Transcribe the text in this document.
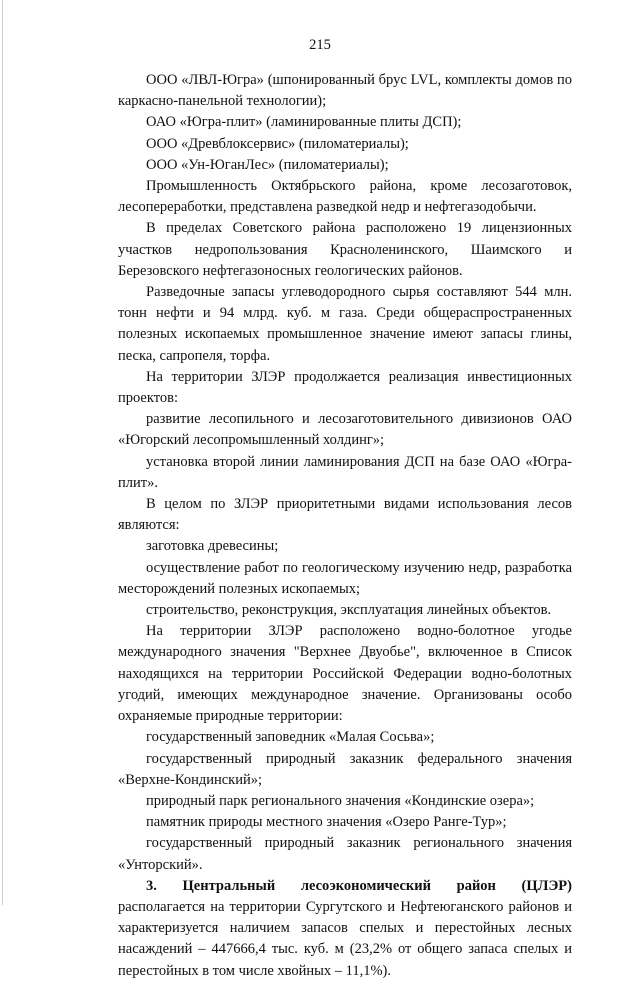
215

ООО «ЛВЛ-Югра» (шпонированный брус LVL, комплекты домов по каркасно-панельной технологии);

ОАО «Югра-плит» (ламинированные плиты ДСП);

ООО «Древблоксервис» (пиломатериалы);

ООО «Ун-ЮганЛес» (пиломатериалы);

Промышленность Октябрьского района, кроме лесозаготовок, лесопереработки, представлена разведкой недр и нефтегазодобычи.

В пределах Советского района расположено 19 лицензионных участков недропользования Красноленинского, Шаимского и Березовского нефтегазоносных геологических районов.

Разведочные запасы углеводородного сырья составляют 544 млн. тонн нефти и 94 млрд. куб. м газа. Среди общераспространенных полезных ископаемых промышленное значение имеют запасы глины, песка, сапропеля, торфа.

На территории ЗЛЭР продолжается реализация инвестиционных проектов:

развитие лесопильного и лесозаготовительного дивизионов ОАО «Югорский лесопромышленный холдинг»;

установка второй линии ламинирования ДСП на базе ОАО «Югра-плит».

В целом по ЗЛЭР приоритетными видами использования лесов являются:

заготовка древесины;

осуществление работ по геологическому изучению недр, разработка месторождений полезных ископаемых;

строительство, реконструкция, эксплуатация линейных объектов.

На территории ЗЛЭР расположено водно-болотное угодье международного значения "Верхнее Двуобье", включенное в Список находящихся на территории Российской Федерации водно-болотных угодий, имеющих международное значение. Организованы особо охраняемые природные территории:

государственный заповедник «Малая Сосьва»;

государственный природный заказник федерального значения «Верхне-Кондинский»;

природный парк регионального значения «Кондинские озера»;

памятник природы местного значения «Озеро Ранге-Тур»;

государственный природный заказник регионального значения «Унторский».

3. Центральный лесоэкономический район (ЦЛЭР) располагается на территории Сургутского и Нефтеюганского районов и характеризуется наличием запасов спелых и перестойных лесных насаждений – 447666,4 тыс. куб. м (23,2% от общего запаса спелых и перестойных в том числе хвойных – 11,1%).
